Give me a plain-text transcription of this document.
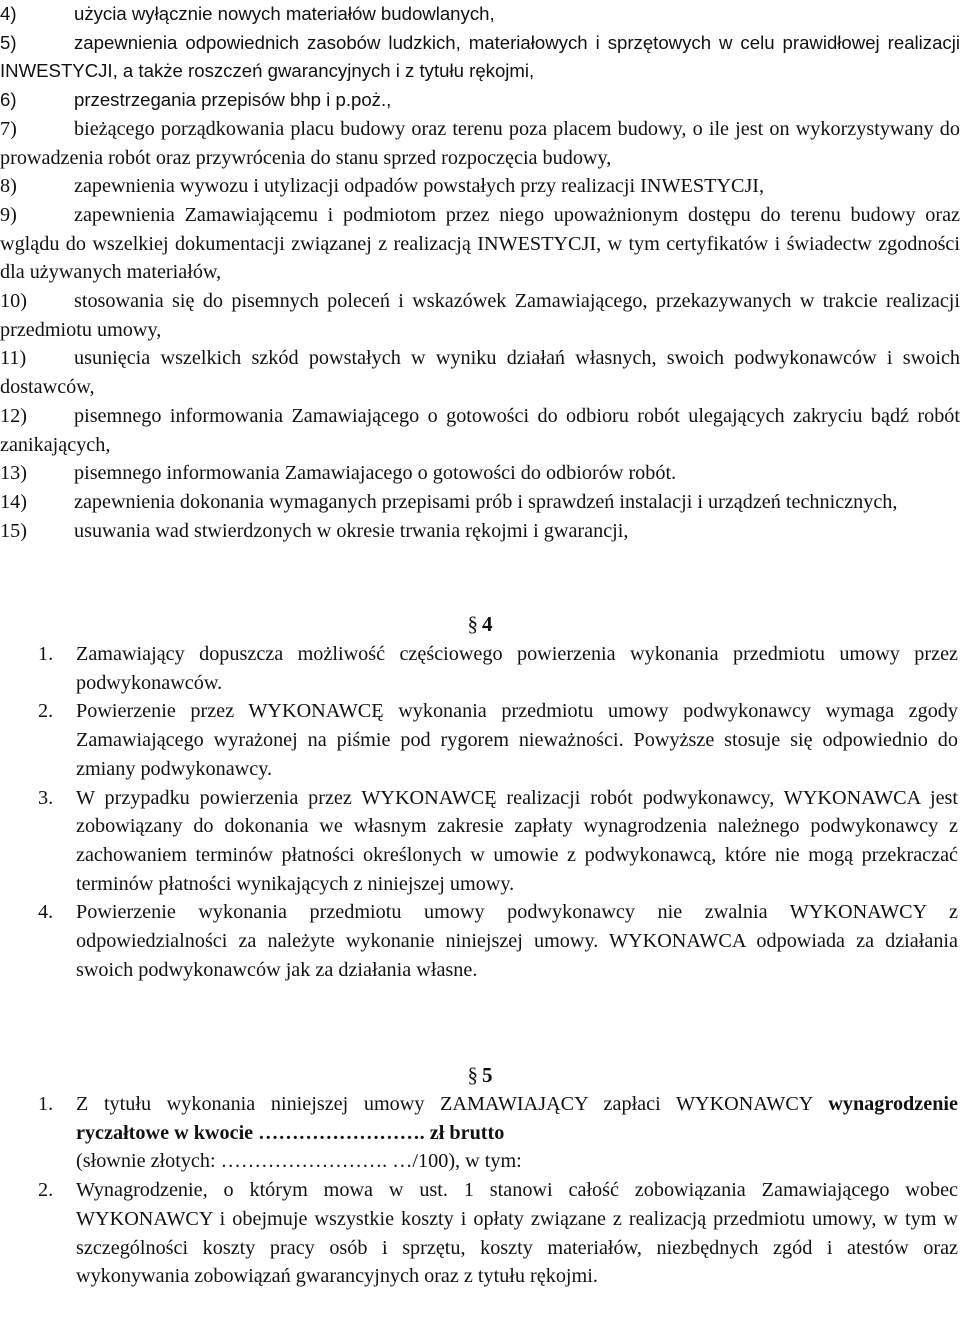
4)	użycia wyłącznie nowych materiałów budowlanych,

5)	zapewnienia odpowiednich zasobów ludzkich, materiałowych i sprzętowych w celu prawidłowej realizacji INWESTYCJI, a także roszczeń gwarancyjnych i z tytułu rękojmi,

6)	przestrzegania przepisów bhp i p.poż.,

7)	bieżącego porządkowania placu budowy oraz terenu poza placem budowy, o ile jest on wykorzystywany do prowadzenia robót oraz przywrócenia do stanu sprzed rozpoczęcia budowy,

8)	zapewnienia wywozu i utylizacji odpadów powstałych przy realizacji INWESTYCJI,

9)	zapewnienia Zamawiającemu i podmiotom przez niego upoważnionym dostępu do terenu budowy oraz wglądu do wszelkiej dokumentacji związanej z realizacją INWESTYCJI, w tym certyfikatów i świadectw zgodności dla używanych materiałów,

10) stosowania się do pisemnych poleceń i wskazówek Zamawiającego, przekazywanych w trakcie realizacji przedmiotu umowy,

11) usunięcia wszelkich szkód powstałych w wyniku działań własnych, swoich podwykonawców i swoich dostawców,

12) pisemnego informowania Zamawiającego o gotowości do odbioru robót ulegających zakryciu bądź robót zanikających,

13) pisemnego informowania Zamawiajacego o gotowości do odbiorów robót.

14) zapewnienia dokonania wymaganych przepisami prób i sprawdzeń instalacji i urządzeń technicznych,

15) usuwania wad stwierdzonych w okresie trwania rękojmi i gwarancji,

§ 4

1. Zamawiający dopuszcza możliwość częściowego powierzenia wykonania przedmiotu umowy przez podwykonawców.

2. Powierzenie przez WYKONAWCĘ wykonania przedmiotu umowy podwykonawcy wymaga zgody Zamawiającego wyrażonej na piśmie pod rygorem nieważności. Powyższe stosuje się odpowiednio do zmiany podwykonawcy.

3. W przypadku powierzenia przez WYKONAWCĘ realizacji robót podwykonawcy, WYKONAWCA jest zobowiązany do dokonania we własnym zakresie zapłaty wynagrodzenia należnego podwykonawcy z zachowaniem terminów płatności określonych w umowie z podwykonawcą, które nie mogą przekraczać terminów płatności wynikających z niniejszej umowy.

4. Powierzenie wykonania przedmiotu umowy podwykonawcy nie zwalnia WYKONAWCY z odpowiedzialności za należyte wykonanie niniejszej umowy. WYKONAWCA odpowiada za działania swoich podwykonawców jak za działania własne.

§ 5

1. Z tytułu wykonania niniejszej umowy ZAMAWIAJĄCY zapłaci WYKONAWCY wynagrodzenie ryczałtowe w kwocie ……………………. zł brutto
(słownie złotych: ……………………. …/100), w tym:

2. Wynagrodzenie, o którym mowa w ust. 1 stanowi całość zobowiązania Zamawiającego wobec WYKONAWCY i obejmuje wszystkie koszty i opłaty związane z realizacją przedmiotu umowy, w tym w szczególności koszty pracy osób i sprzętu, koszty materiałów, niezbędnych zgód i atestów oraz wykonywania zobowiązań gwarancyjnych oraz z tytułu rękojmi.
